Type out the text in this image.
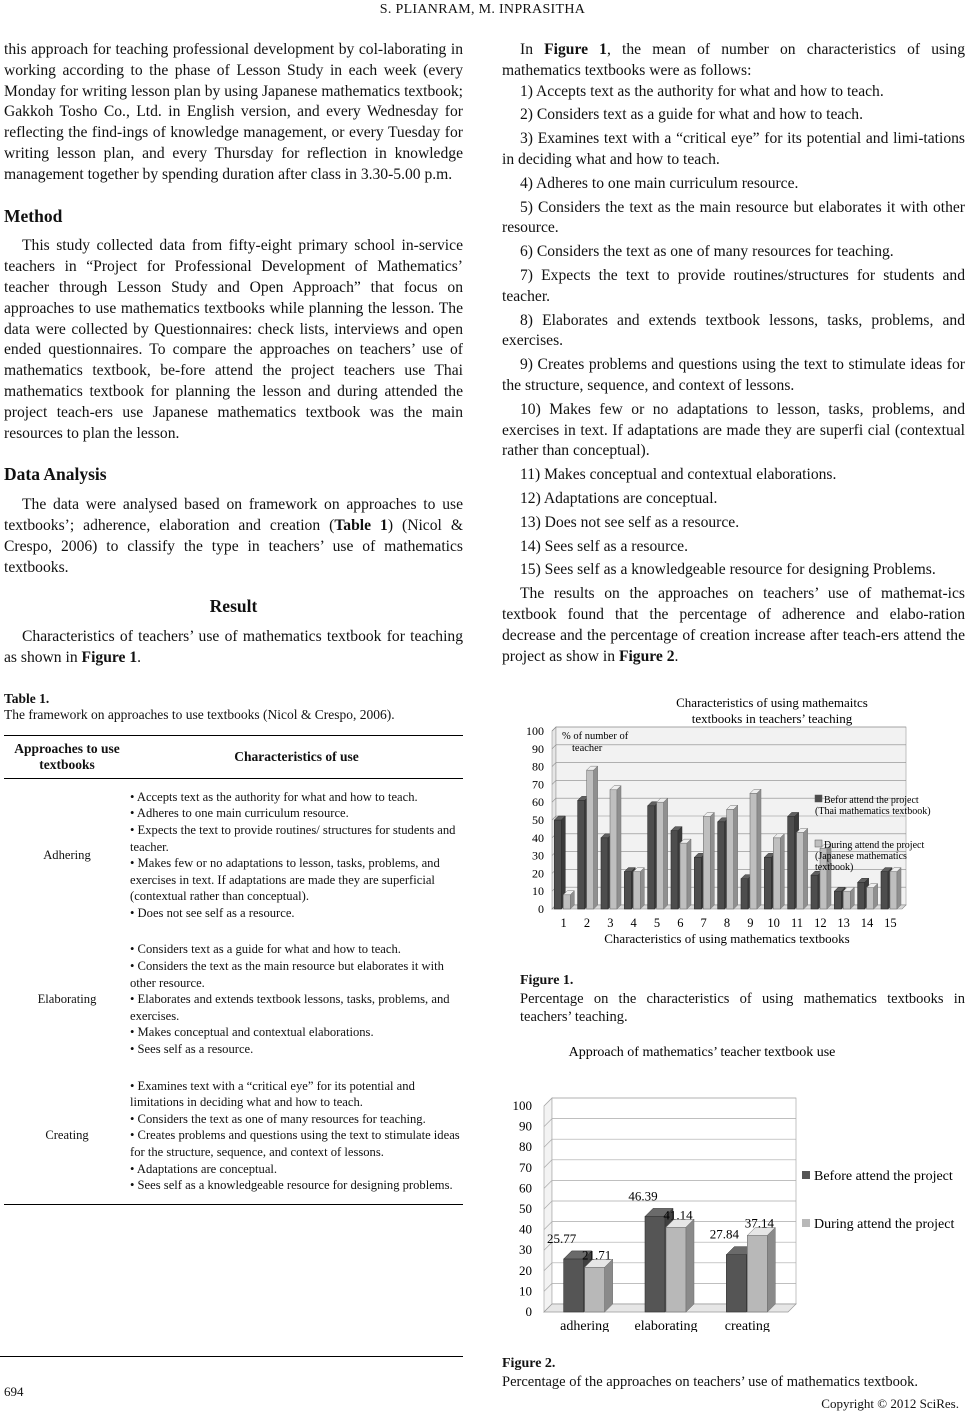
S. PLIANRAM, M. INPRASITHA

this approach for teaching professional development by col-laborating in working according to the phase of Lesson Study in each week (every Monday for writing lesson plan by using Japanese mathematics textbook; Gakkoh Tosho Co., Ltd. in English version, and every Wednesday for reflecting the find-ings of knowledge management, or every Tuesday for writing lesson plan, and every Thursday for reflection in knowledge management together by spending duration after class in 3.30-5.00 p.m.

Method

This study collected data from fifty-eight primary school in-service teachers in “Project for Professional Development of Mathematics’ teacher through Lesson Study and Open Approach” that focus on approaches to use mathematics textbooks while planning the lesson. The data were collected by Questionnaires: check lists, interviews and open ended questionnaires. To compare the approaches on teachers’ use of mathematics textbook, be-fore attend the project teachers use Thai mathematics textbook for planning the lesson and during attended the project teach-ers use Japanese mathematics textbook was the main resources to plan the lesson.

Data Analysis

The data were analysed based on framework on approaches to use textbooks’; adherence, elaboration and creation (Table 1) (Nicol & Crespo, 2006) to classify the type in teachers’ use of mathematics textbooks.

Result

Characteristics of teachers’ use of mathematics textbook for teaching as shown in Figure 1.

Table 1.
The framework on approaches to use textbooks (Nicol & Crespo, 2006).
Approaches to use textbooks	Characteristics of use
Adhering	• Accepts text as the authority for what and how to teach.
• Adheres to one main curriculum resource.
• Expects the text to provide routines/ structures for students and teacher.
• Makes few or no adaptations to lesson, tasks, problems, and exercises in text. If adaptations are made they are superficial (contextual rather than conceptual).
• Does not see self as a resource.

Elaborating	• Considers text as a guide for what and how to teach.
• Considers the text as the main resource but elaborates it with other resource.
• Elaborates and extends textbook lessons, tasks, problems, and exercises.
• Makes conceptual and contextual elaborations.
• Sees self as a resource.

Creating	• Examines text with a “critical eye” for its potential and limitations in deciding what and how to teach.
• Considers the text as one of many resources for teaching.
• Creates problems and questions using the text to stimulate ideas for the structure, sequence, and context of lessons.
• Adaptations are conceptual.
• Sees self as a knowledgeable resource for designing problems.

In Figure 1, the mean of number on characteristics of using mathematics textbooks were as follows:

1) Accepts text as the authority for what and how to teach.

2) Considers text as a guide for what and how to teach.

3) Examines text with a “critical eye” for its potential and limi-tations in deciding what and how to teach.

4) Adheres to one main curriculum resource.

5) Considers the text as the main resource but elaborates it with other resource.

6) Considers the text as one of many resources for teaching.

7) Expects the text to provide routines/structures for students and teacher.

8) Elaborates and extends textbook lessons, tasks, problems, and exercises.

9) Creates problems and questions using the text to stimulate ideas for the structure, sequence, and context of lessons.

10) Makes few or no adaptations to lesson, tasks, problems, and exercises in text. If adaptations are made they are superfi cial (contextual rather than conceptual).

11) Makes conceptual and contextual elaborations.

12) Adaptations are conceptual.

13) Does not see self as a resource.

14) Sees self as a resource.

15) Sees self as a knowledgeable resource for designing Problems.

The results on the approaches on teachers’ use of mathemat-ics textbook found that the percentage of adherence and elabo-ration decrease and the percentage of creation increase after teach-ers attend the project as show in Figure 2.

Characteristics of using mathemaitcs
textbooks in teachers’ teaching
0
10
20
30
40
50
60
70
80
90
100 % of number of
teacher
1 2 3 4 5 6 7 8 9 10 11 12 13 14 15
Characteristics of using mathematics textbooks
Befor attend the project
(Thai mathematics textbook)
During attend the project
(Japanese mathematics
textbook)
Figure 1.
Percentage on the characteristics of using mathematics textbooks in teachers’ teaching.
Approach of mathematics’ teacher textbook use
0
10
20
30
40
50
60
70
80
90
100
25.77
21.71
adhering
46.39
41.14
elaborating
27.84
37.14
creating
Before attend the project
During attend the project
Figure 2.
Percentage of the approaches on teachers’ use of mathematics textbook.
694
Copyright © 2012 SciRes.
